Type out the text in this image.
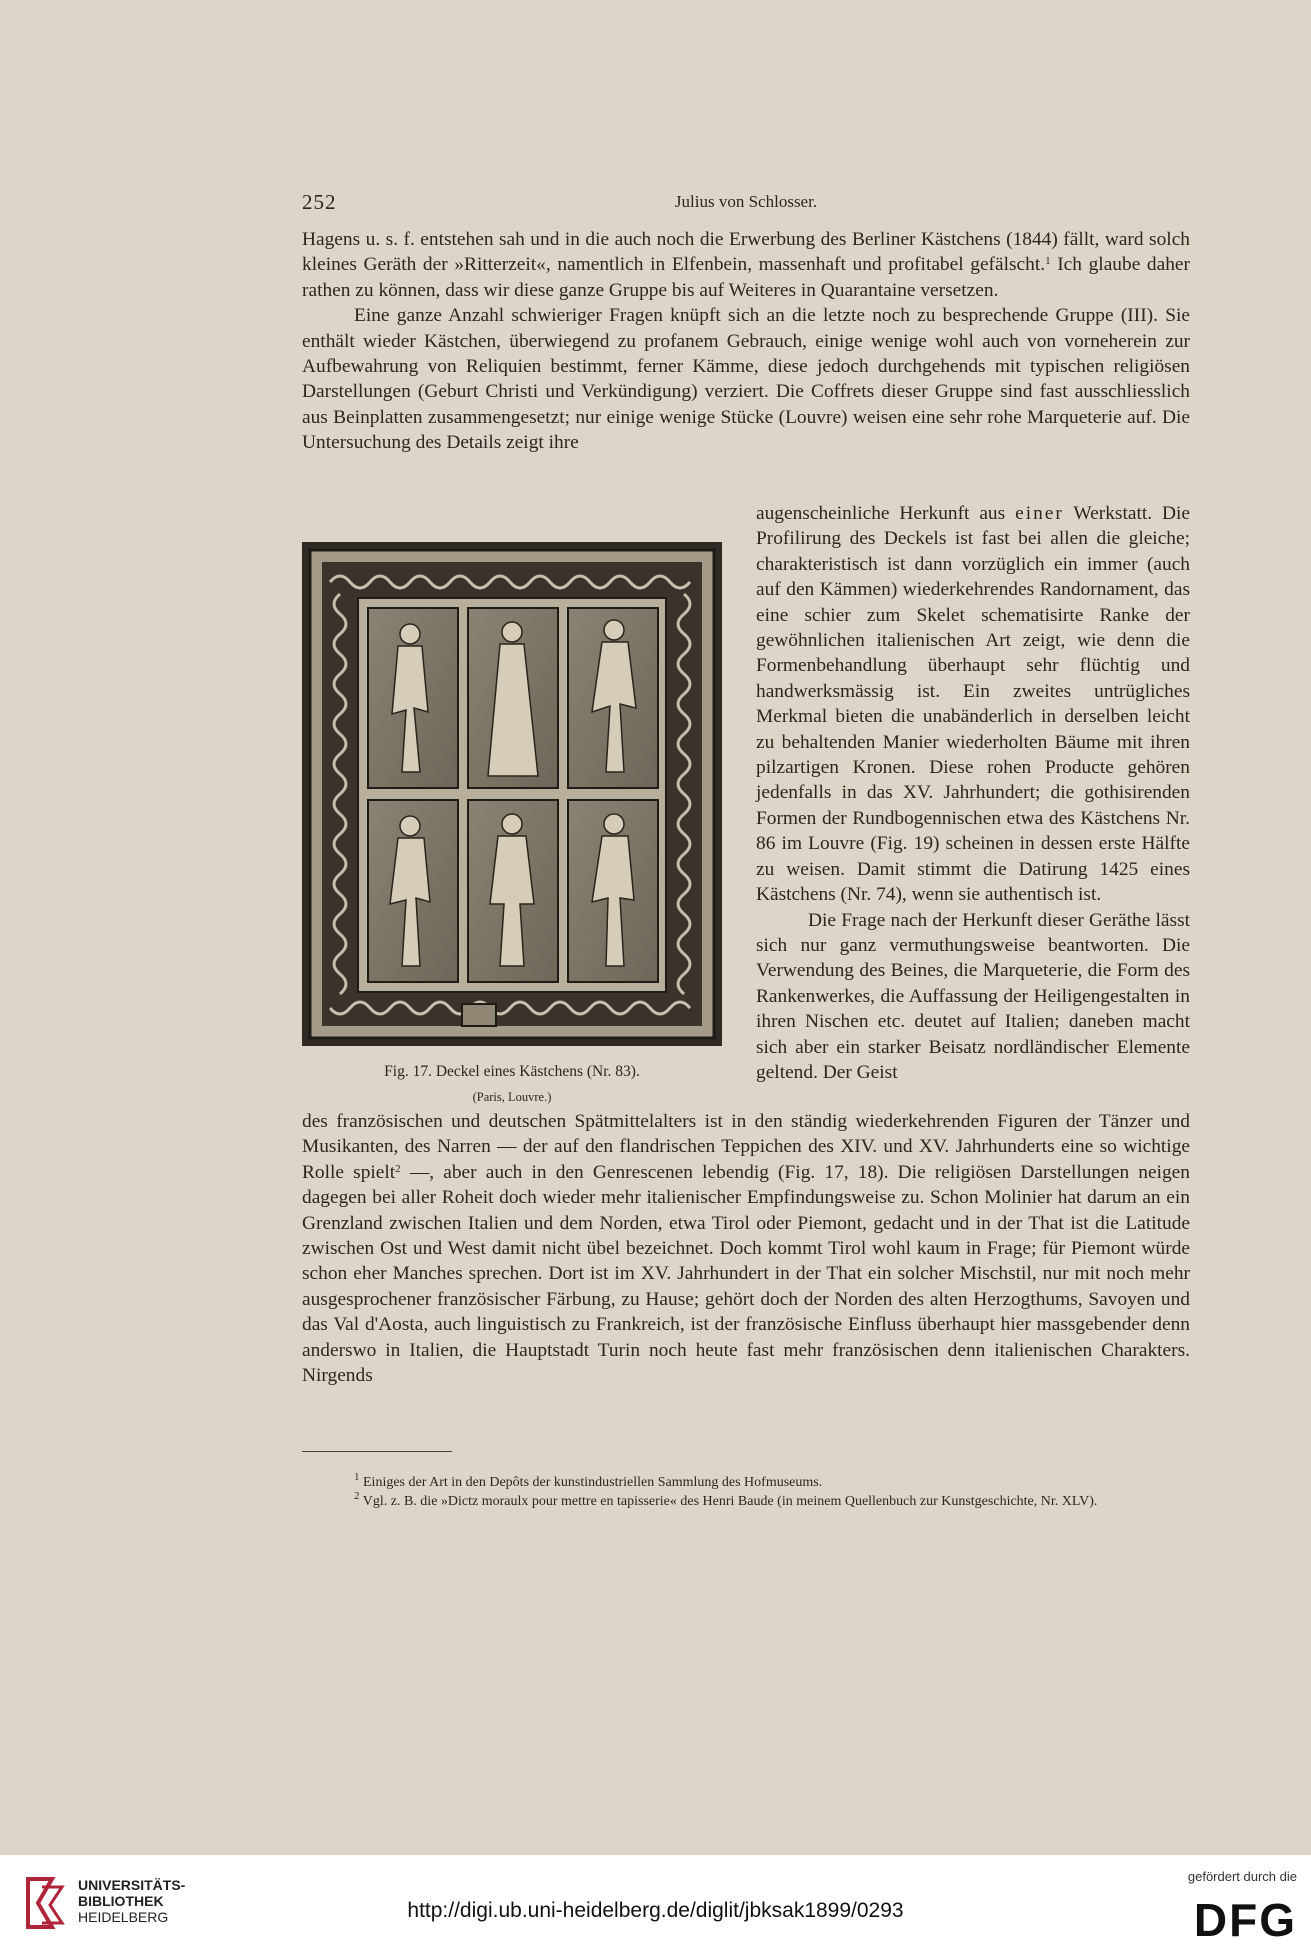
252	Julius von Schlosser.

Hagens u. s. f. entstehen sah und in die auch noch die Erwerbung des Berliner Kästchens (1844) fällt, ward solch kleines Geräth der »Ritterzeit«, namentlich in Elfenbein, massenhaft und profitabel gefälscht.$^1$ Ich glaube daher rathen zu können, dass wir diese ganze Gruppe bis auf Weiteres in Quarantaine versetzen.

Eine ganze Anzahl schwieriger Fragen knüpft sich an die letzte noch zu besprechende Gruppe (III). Sie enthält wieder Kästchen, überwiegend zu profanem Gebrauch, einige wenige wohl auch von vorneherein zur Aufbewahrung von Reliquien bestimmt, ferner Kämme, diese jedoch durchgehends mit typischen religiösen Darstellungen (Geburt Christi und Verkündigung) verziert. Die Coffrets dieser Gruppe sind fast ausschliesslich aus Beinplatten zusammengesetzt; nur einige wenige Stücke (Louvre) weisen eine sehr rohe Marqueterie auf. Die Untersuchung des Details zeigt ihre

Fig. 17. Deckel eines Kästchens (Nr. 83).
(Paris, Louvre.)

augenscheinliche Herkunft aus einer Werkstatt. Die Profilirung des Deckels ist fast bei allen die gleiche; charakteristisch ist dann vorzüglich ein immer (auch auf den Kämmen) wiederkehrendes Randornament, das eine schier zum Skelet schematisirte Ranke der gewöhnlichen italienischen Art zeigt, wie denn die Formenbehandlung überhaupt sehr flüchtig und handwerksmässig ist. Ein zweites untrügliches Merkmal bieten die unabänderlich in derselben leicht zu behaltenden Manier wiederholten Bäume mit ihren pilzartigen Kronen. Diese rohen Producte gehören jedenfalls in das XV. Jahrhundert; die gothisirenden Formen der Rundbogennischen etwa des Kästchens Nr. 86 im Louvre (Fig. 19) scheinen in dessen erste Hälfte zu weisen. Damit stimmt die Datirung 1425 eines Kästchens (Nr. 74), wenn sie authentisch ist.

Die Frage nach der Herkunft dieser Geräthe lässt sich nur ganz vermuthungsweise beantworten. Die Verwendung des Beines, die Marqueterie, die Form des Rankenwerkes, die Auffassung der Heiligengestalten in ihren Nischen etc. deutet auf Italien; daneben macht sich aber ein starker Beisatz nordländischer Elemente geltend. Der Geist

des französischen und deutschen Spätmittelalters ist in den ständig wiederkehrenden Figuren der Tänzer und Musikanten, des Narren — der auf den flandrischen Teppichen des XIV. und XV. Jahrhunderts eine so wichtige Rolle spielt$^2$ —, aber auch in den Genrescenen lebendig (Fig. 17, 18). Die religiösen Darstellungen neigen dagegen bei aller Roheit doch wieder mehr italienischer Empfindungsweise zu. Schon Molinier hat darum an ein Grenzland zwischen Italien und dem Norden, etwa Tirol oder Piemont, gedacht und in der That ist die Latitude zwischen Ost und West damit nicht übel bezeichnet. Doch kommt Tirol wohl kaum in Frage; für Piemont würde schon eher Manches sprechen. Dort ist im XV. Jahrhundert in der That ein solcher Mischstil, nur mit noch mehr ausgesprochener französischer Färbung, zu Hause; gehört doch der Norden des alten Herzogthums, Savoyen und das Val d'Aosta, auch linguistisch zu Frankreich, ist der französische Einfluss überhaupt hier massgebender denn anderswo in Italien, die Hauptstadt Turin noch heute fast mehr französischen denn italienischen Charakters. Nirgends

$^1$ Einiges der Art in den Depôts der kunstindustriellen Sammlung des Hofmuseums.

$^2$ Vgl. z. B. die »Dictz moraulx pour mettre en tapisserie« des Henri Baude (in meinem Quellenbuch zur Kunstgeschichte, Nr. XLV).

UNIVERSITÄTS-
BIBLIOTHEK
HEIDELBERG	http://digi.ub.uni-heidelberg.de/diglit/jbksak1899/0293
gefördert durch die
DFG
